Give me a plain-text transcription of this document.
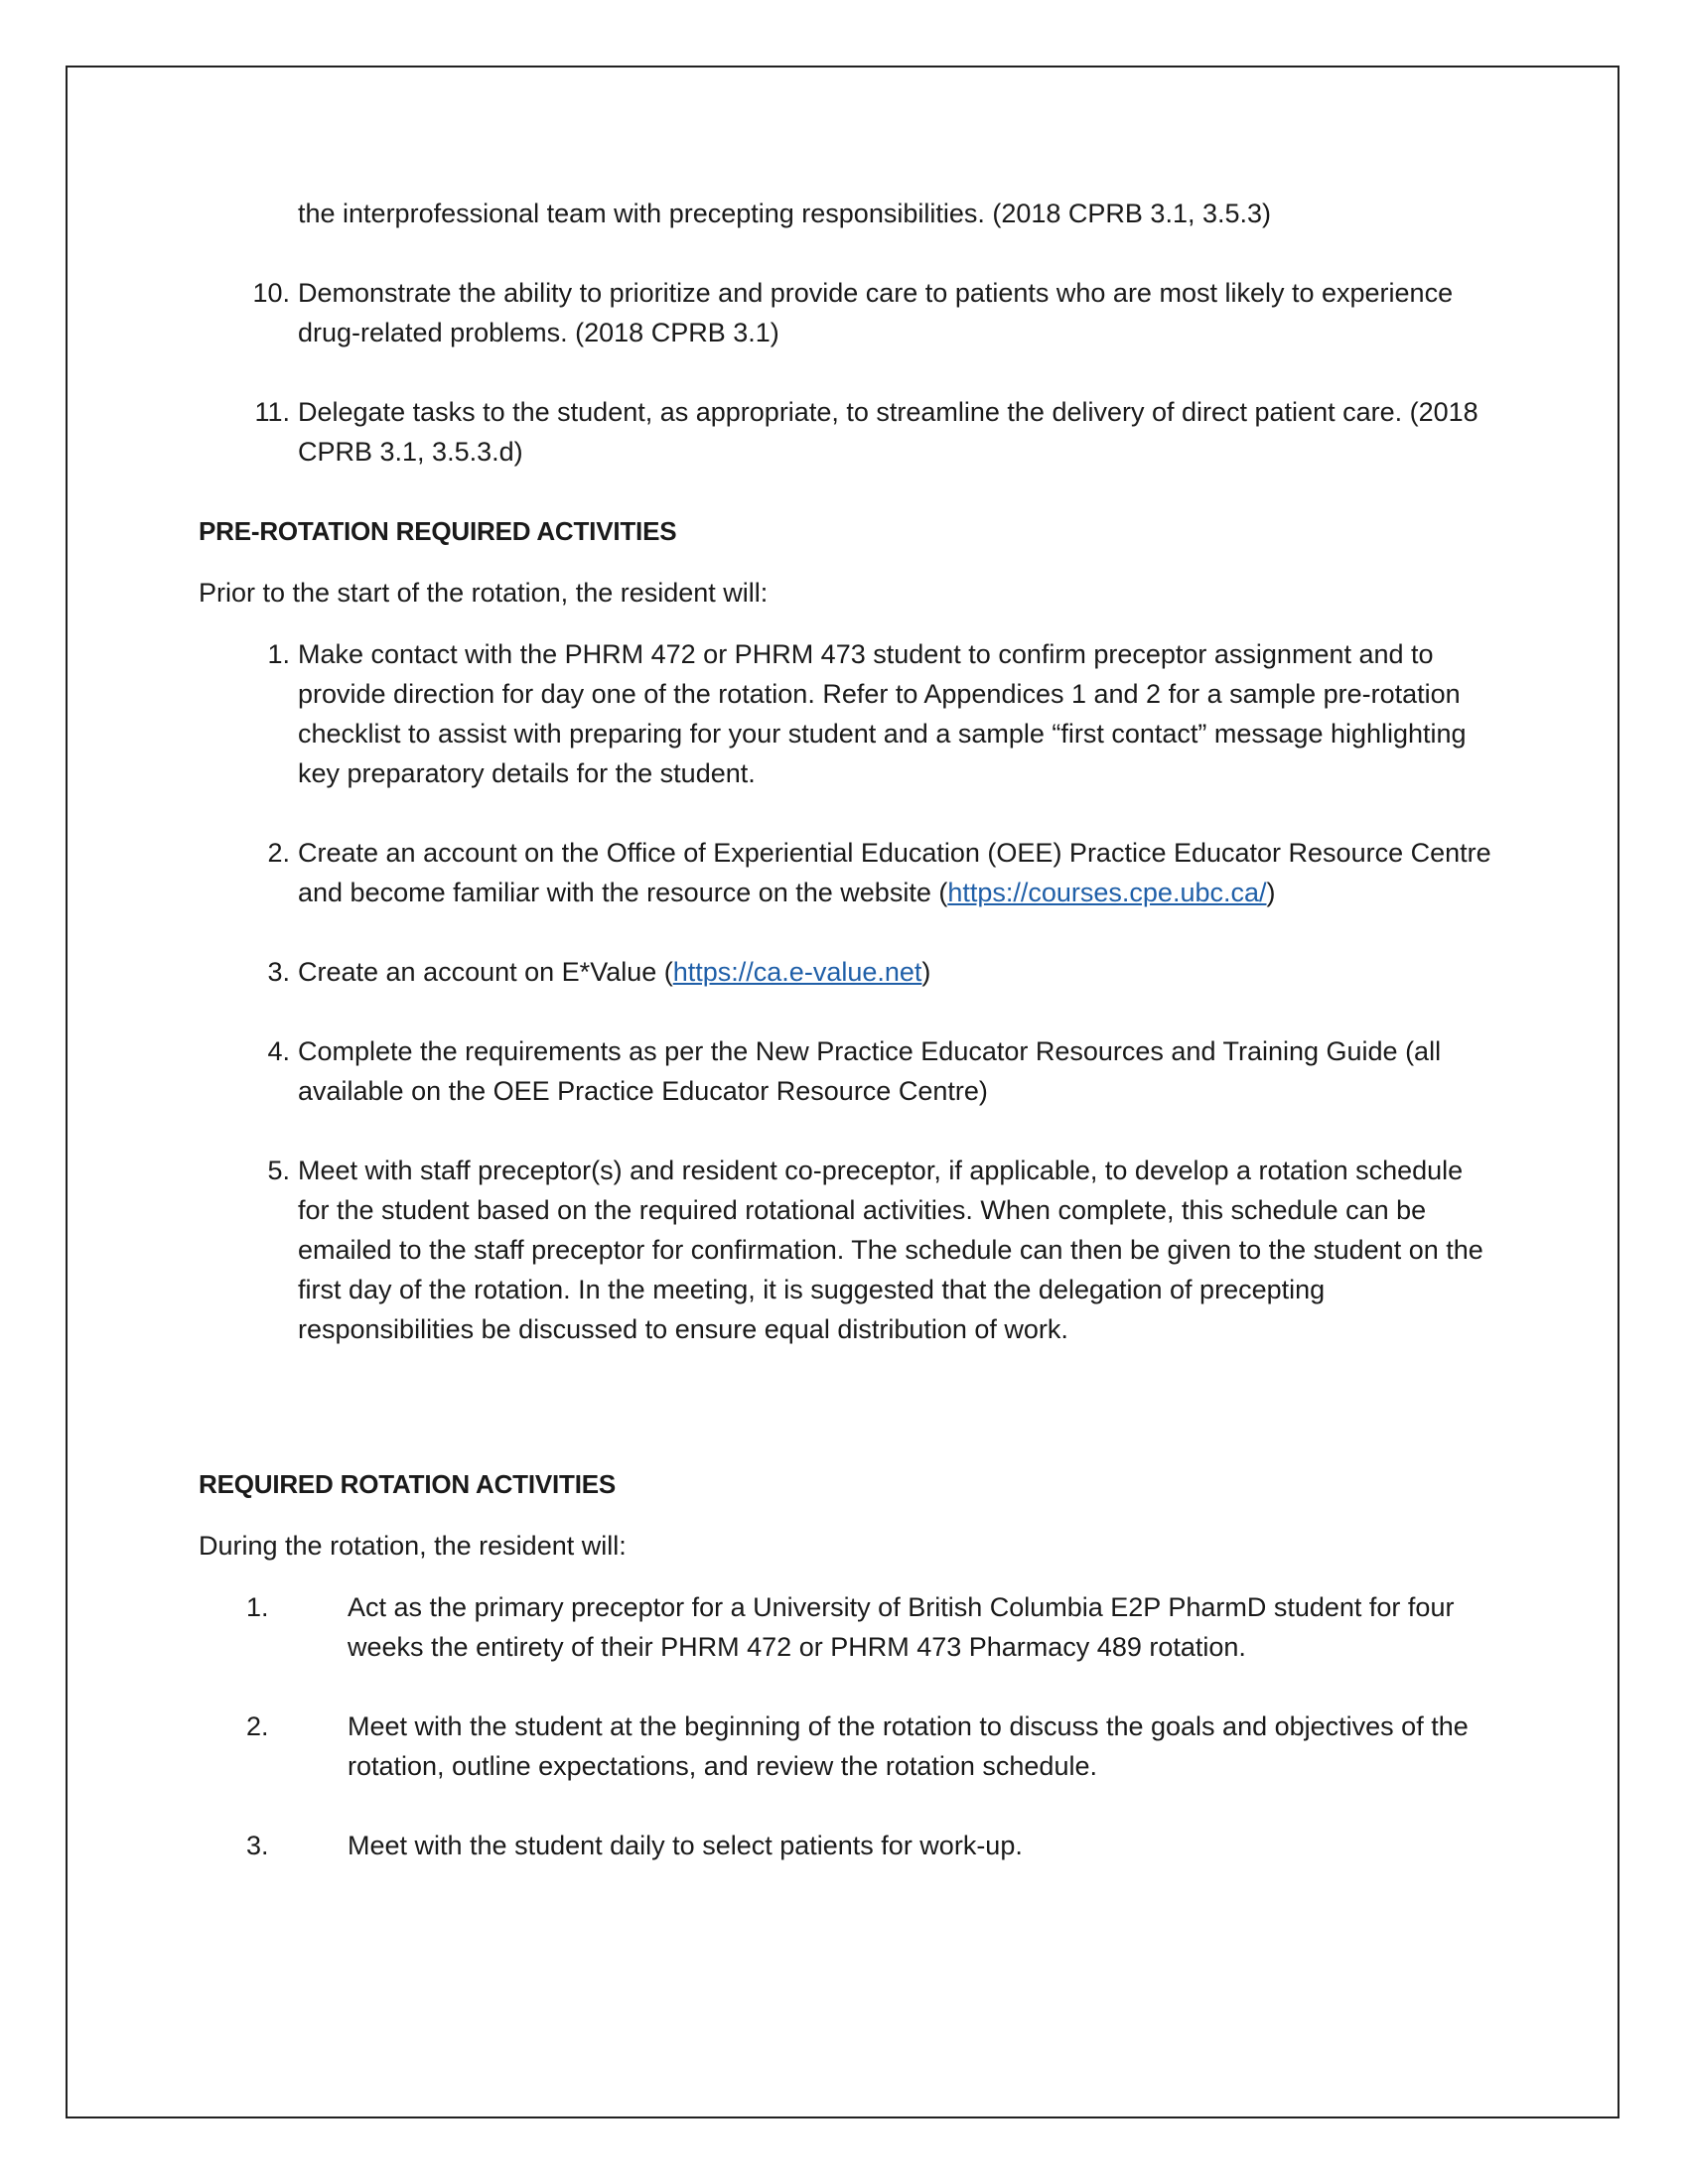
the interprofessional team with precepting responsibilities. (2018 CPRB 3.1, 3.5.3)
10. Demonstrate the ability to prioritize and provide care to patients who are most likely to experience drug-related problems. (2018 CPRB 3.1)
11. Delegate tasks to the student, as appropriate, to streamline the delivery of direct patient care. (2018 CPRB 3.1, 3.5.3.d)
PRE-ROTATION REQUIRED ACTIVITIES
Prior to the start of the rotation, the resident will:
1. Make contact with the PHRM 472 or PHRM 473 student to confirm preceptor assignment and to provide direction for day one of the rotation. Refer to Appendices 1 and 2 for a sample pre-rotation checklist to assist with preparing for your student and a sample “first contact” message highlighting key preparatory details for the student.
2. Create an account on the Office of Experiential Education (OEE) Practice Educator Resource Centre and become familiar with the resource on the website (https://courses.cpe.ubc.ca/)
3. Create an account on E*Value (https://ca.e-value.net)
4. Complete the requirements as per the New Practice Educator Resources and Training Guide (all available on the OEE Practice Educator Resource Centre)
5. Meet with staff preceptor(s) and resident co-preceptor, if applicable, to develop a rotation schedule for the student based on the required rotational activities. When complete, this schedule can be emailed to the staff preceptor for confirmation. The schedule can then be given to the student on the first day of the rotation. In the meeting, it is suggested that the delegation of precepting responsibilities be discussed to ensure equal distribution of work.
REQUIRED ROTATION ACTIVITIES
During the rotation, the resident will:
1.	Act as the primary preceptor for a University of British Columbia E2P PharmD student for four weeks the entirety of their PHRM 472 or PHRM 473 Pharmacy 489 rotation.
2.	Meet with the student at the beginning of the rotation to discuss the goals and objectives of the rotation, outline expectations, and review the rotation schedule.
3.	Meet with the student daily to select patients for work-up.
